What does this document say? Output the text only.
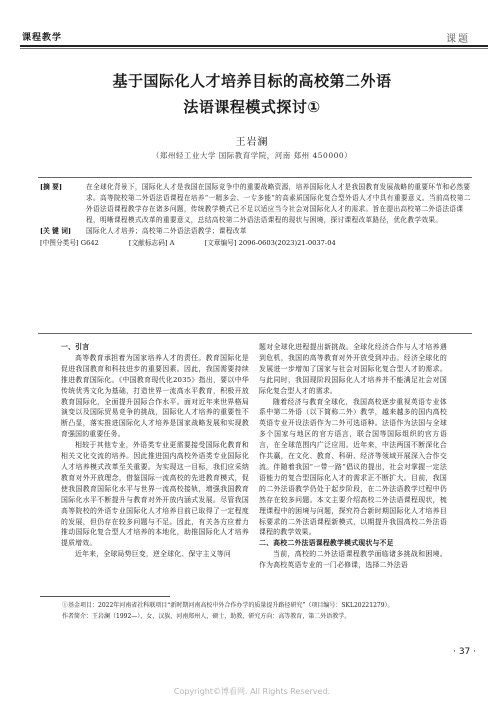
课程教学	课题
基于国际化人才培养目标的高校第二外语
法语课程模式探讨①
王岩澜
（郑州轻工业大学 国际教育学院，河南 郑州 450000）
[摘 要]	在全球化背景下，国际化人才是我国在国际竞争中的重要战略资源，培养国际化人才是我国教育发展战略的重要环节和必然要求。高等院校第二外语法语课程在培养“一精多会、一专多能”的高素质国际化复合型外语人才中具有重要意义。当前高校第二外语法语课程教学存在诸多问题，传统教学模式已不足以适应当今社会对国际化人才的需求。旨在提出高校第二外语法语课程，明晰课程模式改革的重要意义，总结高校第二外语法语课程的现状与困境，探讨课程改革路径，优化教学效果。
[关 键 词]	国际化人才培养；高校第二外语法语教学；课程改革
[中图分类号] G642	[文献标志码] A	[文章编号] 2096-0603(2023)21-0037-04

一、引言

高等教育承担着为国家培养人才的责任。教育国际化是促进我国教育和科技进步的重要因素。因此，我国需要持续推进教育国际化。《中国教育现代化2035》指出，要以中华传统优秀文化为基础，打造世界一流高水平教育，积极开放教育国际化，全面提升国际合作水平。面对近年来世界格局演变以及国际贸易竞争的挑战，国际化人才培养的重要性不断凸显，落实推进国际化人才培养是国家战略发展和实现教育强国的重要任务。

相较于其他专业，外语类专业更需要接受国际化教育和相关文化交流的培养。因此推进国内高校外语类专业国际化人才培养模式改革至关重要。为实现这一目标，我们应采纳教育对外开放理念，借鉴国际一流高校的先进教育模式，促使我国教育国际化水平与世界一流高校接轨，增强我国教育国际化水平不断提升与教育对外开放内涵式发展。尽管我国高等院校的外语专业国际化人才培养目前已取得了一定程度的发展，但仍存在较多问题与不足。因此，有关各方应着力推动国际化复合型人才培养的本地化，助推国际化人才培养提质增效。

近年来，全球局势巨变，逆全球化、保守主义等问

题对全球化进程提出新挑战。全球化经济合作与人才培养遇到危机，我国的高等教育对外开放受到冲击。经济全球化的发展进一步增加了国家与社会对国际化复合型人才的需求。与此同时，我国现阶段国际化人才培养并不能满足社会对国际化复合型人才的需求。

随着经济与教育全球化，我国高校逐步重视英语专业体系中第二外语（以下简称二外）教学，越来越多的国内高校英语专业开设法语作为二外可选语种。法语作为法国与全球多个国家与地区的官方语言，联合国等国际组织的官方语言，在全球范围内广泛应用。近年来，中法两国不断深化合作共赢，在文化、教育、科研、经济等领域开展深入合作交流。伴随着我国“一带一路”倡议的提出，社会对掌握一定法语能力的复合型国际化人才的需求正不断扩大。目前，我国的二外法语教学仍处于起步阶段，在二外法语教学过程中仍然存在较多问题。本文主要介绍高校二外法语课程现状，梳理课程中的困境与问题，探究符合新时期国际化人才培养目标要求的二外法语课程新模式，以期提升我国高校二外法语课程的教学效果。

二、高校二外法语课程教学模式现状与不足

当前，高校的二外法语课程教学面临诸多挑战和困境。作为高校英语专业的一门必修课，选择二外法语

①基金项目：2022年河南省社科联项目“新时期河南高校中外合作办学的质量提升路径研究”（项目编号：SKL20221279）。
作者简介：王岩澜（1992—），女，汉族，河南郑州人，硕士，助教，研究方向：高等教育，第二外语教学。
· 37 ·
Copyright©博看网. All Rights Reserved.
